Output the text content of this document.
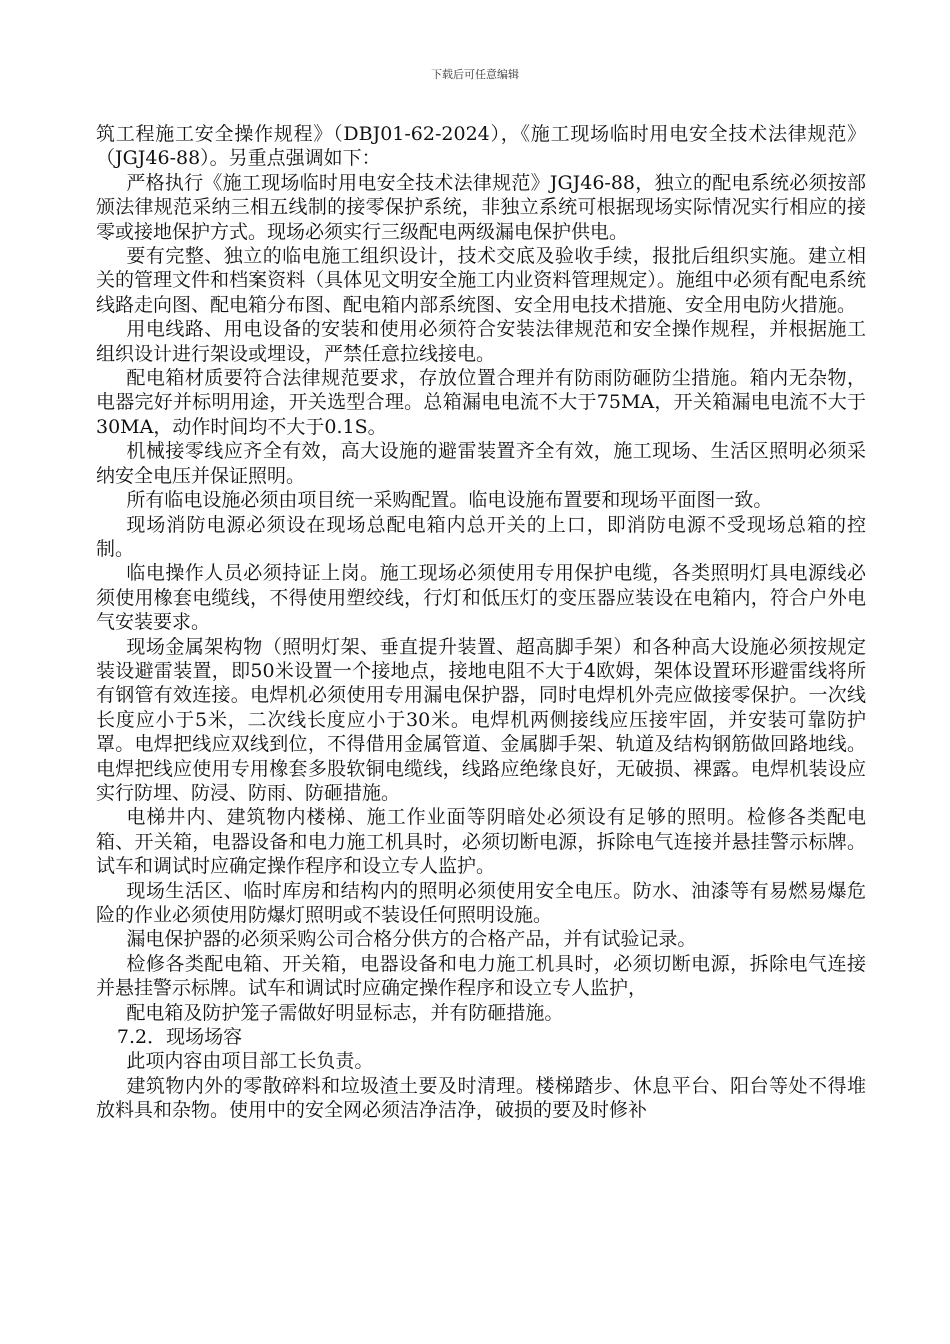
下载后可任意编辑

筑工程施工安全操作规程》（DBJ01-62-2024），《施工现场临时用电安全技术法律规范》（JGJ46-88）。另重点强调如下：

严格执行《施工现场临时用电安全技术法律规范》JGJ46-88，独立的配电系统必须按部颁法律规范采纳三相五线制的接零保护系统，非独立系统可根据现场实际情况实行相应的接零或接地保护方式。现场必须实行三级配电两级漏电保护供电。

要有完整、独立的临电施工组织设计，技术交底及验收手续，报批后组织实施。建立相关的管理文件和档案资料（具体见文明安全施工内业资料管理规定）。施组中必须有配电系统线路走向图、配电箱分布图、配电箱内部系统图、安全用电技术措施、安全用电防火措施。

用电线路、用电设备的安装和使用必须符合安装法律规范和安全操作规程，并根据施工组织设计进行架设或埋设，严禁任意拉线接电。

配电箱材质要符合法律规范要求，存放位置合理并有防雨防砸防尘措施。箱内无杂物，电器完好并标明用途，开关选型合理。总箱漏电电流不大于75MA，开关箱漏电电流不大于30MA，动作时间均不大于0.1S。

机械接零线应齐全有效，高大设施的避雷装置齐全有效，施工现场、生活区照明必须采纳安全电压并保证照明。

所有临电设施必须由项目统一采购配置。临电设施布置要和现场平面图一致。

现场消防电源必须设在现场总配电箱内总开关的上口，即消防电源不受现场总箱的控制。

临电操作人员必须持证上岗。施工现场必须使用专用保护电缆，各类照明灯具电源线必须使用橡套电缆线，不得使用塑绞线，行灯和低压灯的变压器应装设在电箱内，符合户外电气安装要求。

现场金属架构物（照明灯架、垂直提升装置、超高脚手架）和各种高大设施必须按规定装设避雷装置，即50米设置一个接地点，接地电阻不大于4欧姆，架体设置环形避雷线将所有钢管有效连接。电焊机必须使用专用漏电保护器，同时电焊机外壳应做接零保护。一次线长度应小于5米，二次线长度应小于30米。电焊机两侧接线应压接牢固，并安装可靠防护罩。电焊把线应双线到位，不得借用金属管道、金属脚手架、轨道及结构钢筋做回路地线。电焊把线应使用专用橡套多股软铜电缆线，线路应绝缘良好，无破损、裸露。电焊机装设应实行防埋、防浸、防雨、防砸措施。

电梯井内、建筑物内楼梯、施工作业面等阴暗处必须设有足够的照明。检修各类配电箱、开关箱，电器设备和电力施工机具时，必须切断电源，拆除电气连接并悬挂警示标牌。试车和调试时应确定操作程序和设立专人监护。

现场生活区、临时库房和结构内的照明必须使用安全电压。防水、油漆等有易燃易爆危险的作业必须使用防爆灯照明或不装设任何照明设施。

漏电保护器的必须采购公司合格分供方的合格产品，并有试验记录。

检修各类配电箱、开关箱，电器设备和电力施工机具时，必须切断电源，拆除电气连接并悬挂警示标牌。试车和调试时应确定操作程序和设立专人监护，

配电箱及防护笼子需做好明显标志，并有防砸措施。

7.2．现场场容

此项内容由项目部工长负责。

建筑物内外的零散碎料和垃圾渣土要及时清理。楼梯踏步、休息平台、阳台等处不得堆放料具和杂物。使用中的安全网必须洁净洁净，破损的要及时修补
